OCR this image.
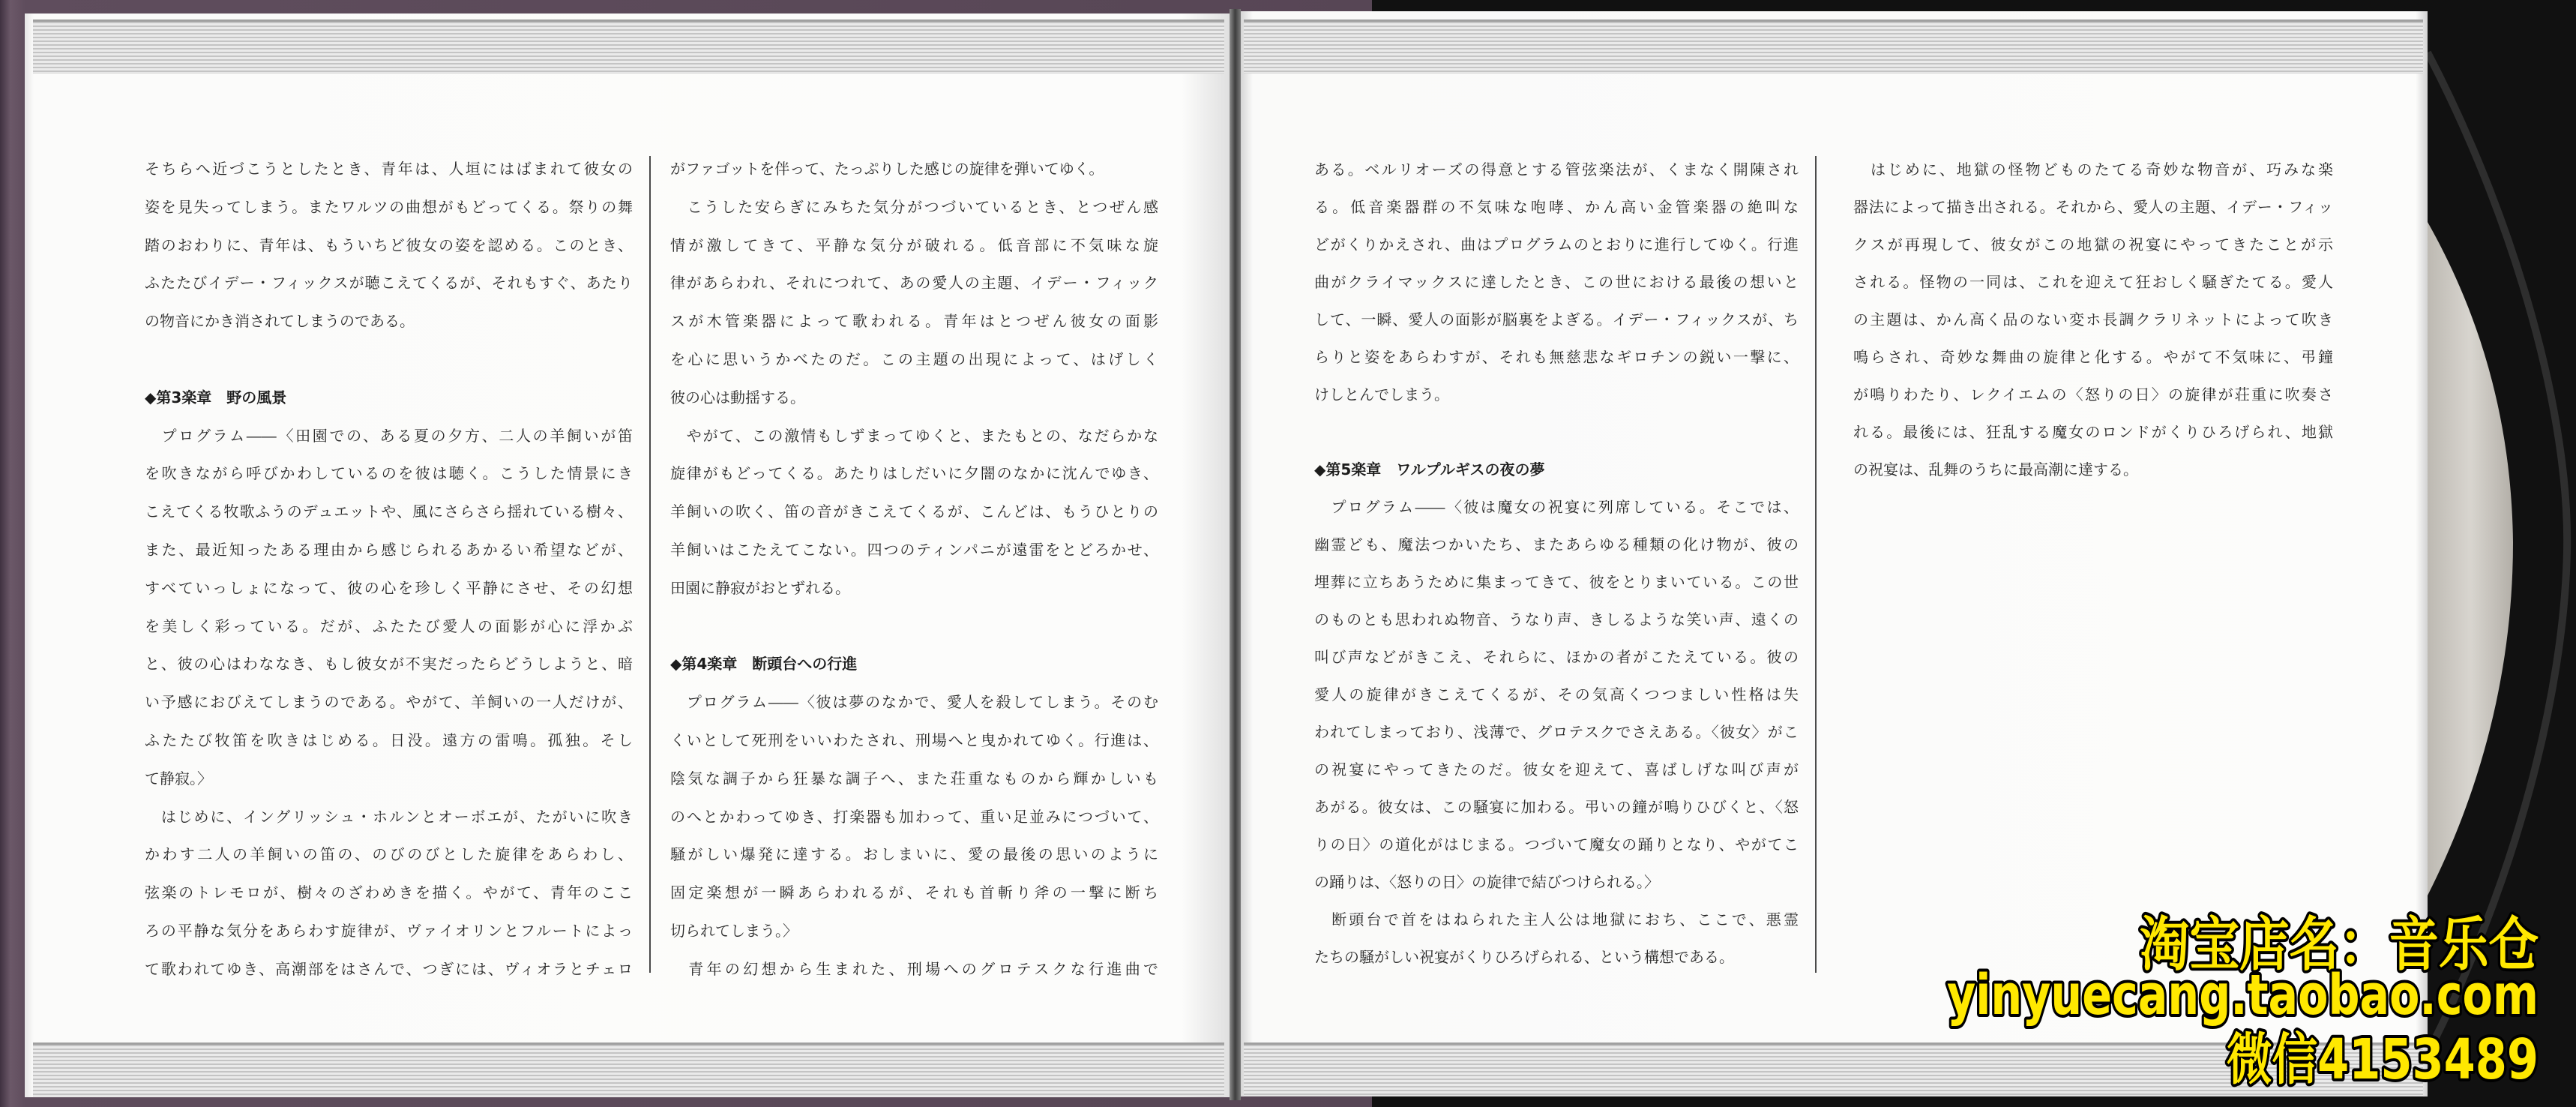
そちらへ近づこうとしたとき、青年は、人垣にはばまれて彼女の
姿を見失ってしまう。またワルツの曲想がもどってくる。祭りの舞
踏のおわりに、青年は、もういちど彼女の姿を認める。このとき、
ふたたびイデー・フィックスが聴こえてくるが、それもすぐ、あたり
の物音にかき消されてしまうのである。
◆第3楽章　野の風景
　プログラム――〈田園での、ある夏の夕方、二人の羊飼いが笛
を吹きながら呼びかわしているのを彼は聴く。こうした情景にき
こえてくる牧歌ふうのデュエットや、風にさらさら揺れている樹々、
また、最近知ったある理由から感じられるあかるい希望などが、
すべていっしょになって、彼の心を珍しく平静にさせ、その幻想
を美しく彩っている。だが、ふたたび愛人の面影が心に浮かぶ
と、彼の心はわななき、もし彼女が不実だったらどうしようと、暗
い予感におびえてしまうのである。やがて、羊飼いの一人だけが、
ふたたび牧笛を吹きはじめる。日没。遠方の雷鳴。孤独。そし
て静寂。〉
　はじめに、イングリッシュ・ホルンとオーボエが、たがいに吹き
かわす二人の羊飼いの笛の、のびのびとした旋律をあらわし、
弦楽のトレモロが、樹々のざわめきを描く。やがて、青年のここ
ろの平静な気分をあらわす旋律が、ヴァイオリンとフルートによっ
て歌われてゆき、高潮部をはさんで、つぎには、ヴィオラとチェロ
がファゴットを伴って、たっぷりした感じの旋律を弾いてゆく。
　こうした安らぎにみちた気分がつづいているとき、とつぜん感
情が激してきて、平静な気分が破れる。低音部に不気味な旋
律があらわれ、それにつれて、あの愛人の主題、イデー・フィック
スが木管楽器によって歌われる。青年はとつぜん彼女の面影
を心に思いうかべたのだ。この主題の出現によって、はげしく
彼の心は動揺する。
　やがて、この激情もしずまってゆくと、またもとの、なだらかな
旋律がもどってくる。あたりはしだいに夕闇のなかに沈んでゆき、
羊飼いの吹く、笛の音がきこえてくるが、こんどは、もうひとりの
羊飼いはこたえてこない。四つのティンパニが遠雷をとどろかせ、
田園に静寂がおとずれる。
◆第4楽章　断頭台への行進
　プログラム――〈彼は夢のなかで、愛人を殺してしまう。そのむ
くいとして死刑をいいわたされ、刑場へと曳かれてゆく。行進は、
陰気な調子から狂暴な調子へ、また荘重なものから輝かしいも
のへとかわってゆき、打楽器も加わって、重い足並みにつづいて、
騒がしい爆発に達する。おしまいに、愛の最後の思いのように
固定楽想が一瞬あらわれるが、それも首斬り斧の一撃に断ち
切られてしまう。〉
　青年の幻想から生まれた、刑場へのグロテスクな行進曲で
ある。ベルリオーズの得意とする管弦楽法が、くまなく開陳され
る。低音楽器群の不気味な咆哮、かん高い金管楽器の絶叫な
どがくりかえされ、曲はプログラムのとおりに進行してゆく。行進
曲がクライマックスに達したとき、この世における最後の想いと
して、一瞬、愛人の面影が脳裏をよぎる。イデー・フィックスが、ち
らりと姿をあらわすが、それも無慈悲なギロチンの鋭い一撃に、
けしとんでしまう。
◆第5楽章　ワルプルギスの夜の夢
　プログラム――〈彼は魔女の祝宴に列席している。そこでは、
幽霊ども、魔法つかいたち、またあらゆる種類の化け物が、彼の
埋葬に立ちあうために集まってきて、彼をとりまいている。この世
のものとも思われぬ物音、うなり声、きしるような笑い声、遠くの
叫び声などがきこえ、それらに、ほかの者がこたえている。彼の
愛人の旋律がきこえてくるが、その気高くつつましい性格は失
われてしまっており、浅薄で、グロテスクでさえある。〈彼女〉がこ
の祝宴にやってきたのだ。彼女を迎えて、喜ばしげな叫び声が
あがる。彼女は、この騒宴に加わる。弔いの鐘が鳴りひびくと、〈怒
りの日〉の道化がはじまる。つづいて魔女の踊りとなり、やがてこ
の踊りは、〈怒りの日〉の旋律で結びつけられる。〉
　断頭台で首をはねられた主人公は地獄におち、ここで、悪霊
たちの騒がしい祝宴がくりひろげられる、という構想である。
　はじめに、地獄の怪物どものたてる奇妙な物音が、巧みな楽
器法によって描き出される。それから、愛人の主題、イデー・フィッ
クスが再現して、彼女がこの地獄の祝宴にやってきたことが示
される。怪物の一同は、これを迎えて狂おしく騒ぎたてる。愛人
の主題は、かん高く品のない変ホ長調クラリネットによって吹き
鳴らされ、奇妙な舞曲の旋律と化する。やがて不気味に、弔鐘
が鳴りわたり、レクイエムの〈怒りの日〉の旋律が荘重に吹奏さ
れる。最後には、狂乱する魔女のロンドがくりひろげられ、地獄
の祝宴は、乱舞のうちに最高潮に達する。
淘宝店名：音乐仓
yinyuecang.taobao.com
微信4153489
